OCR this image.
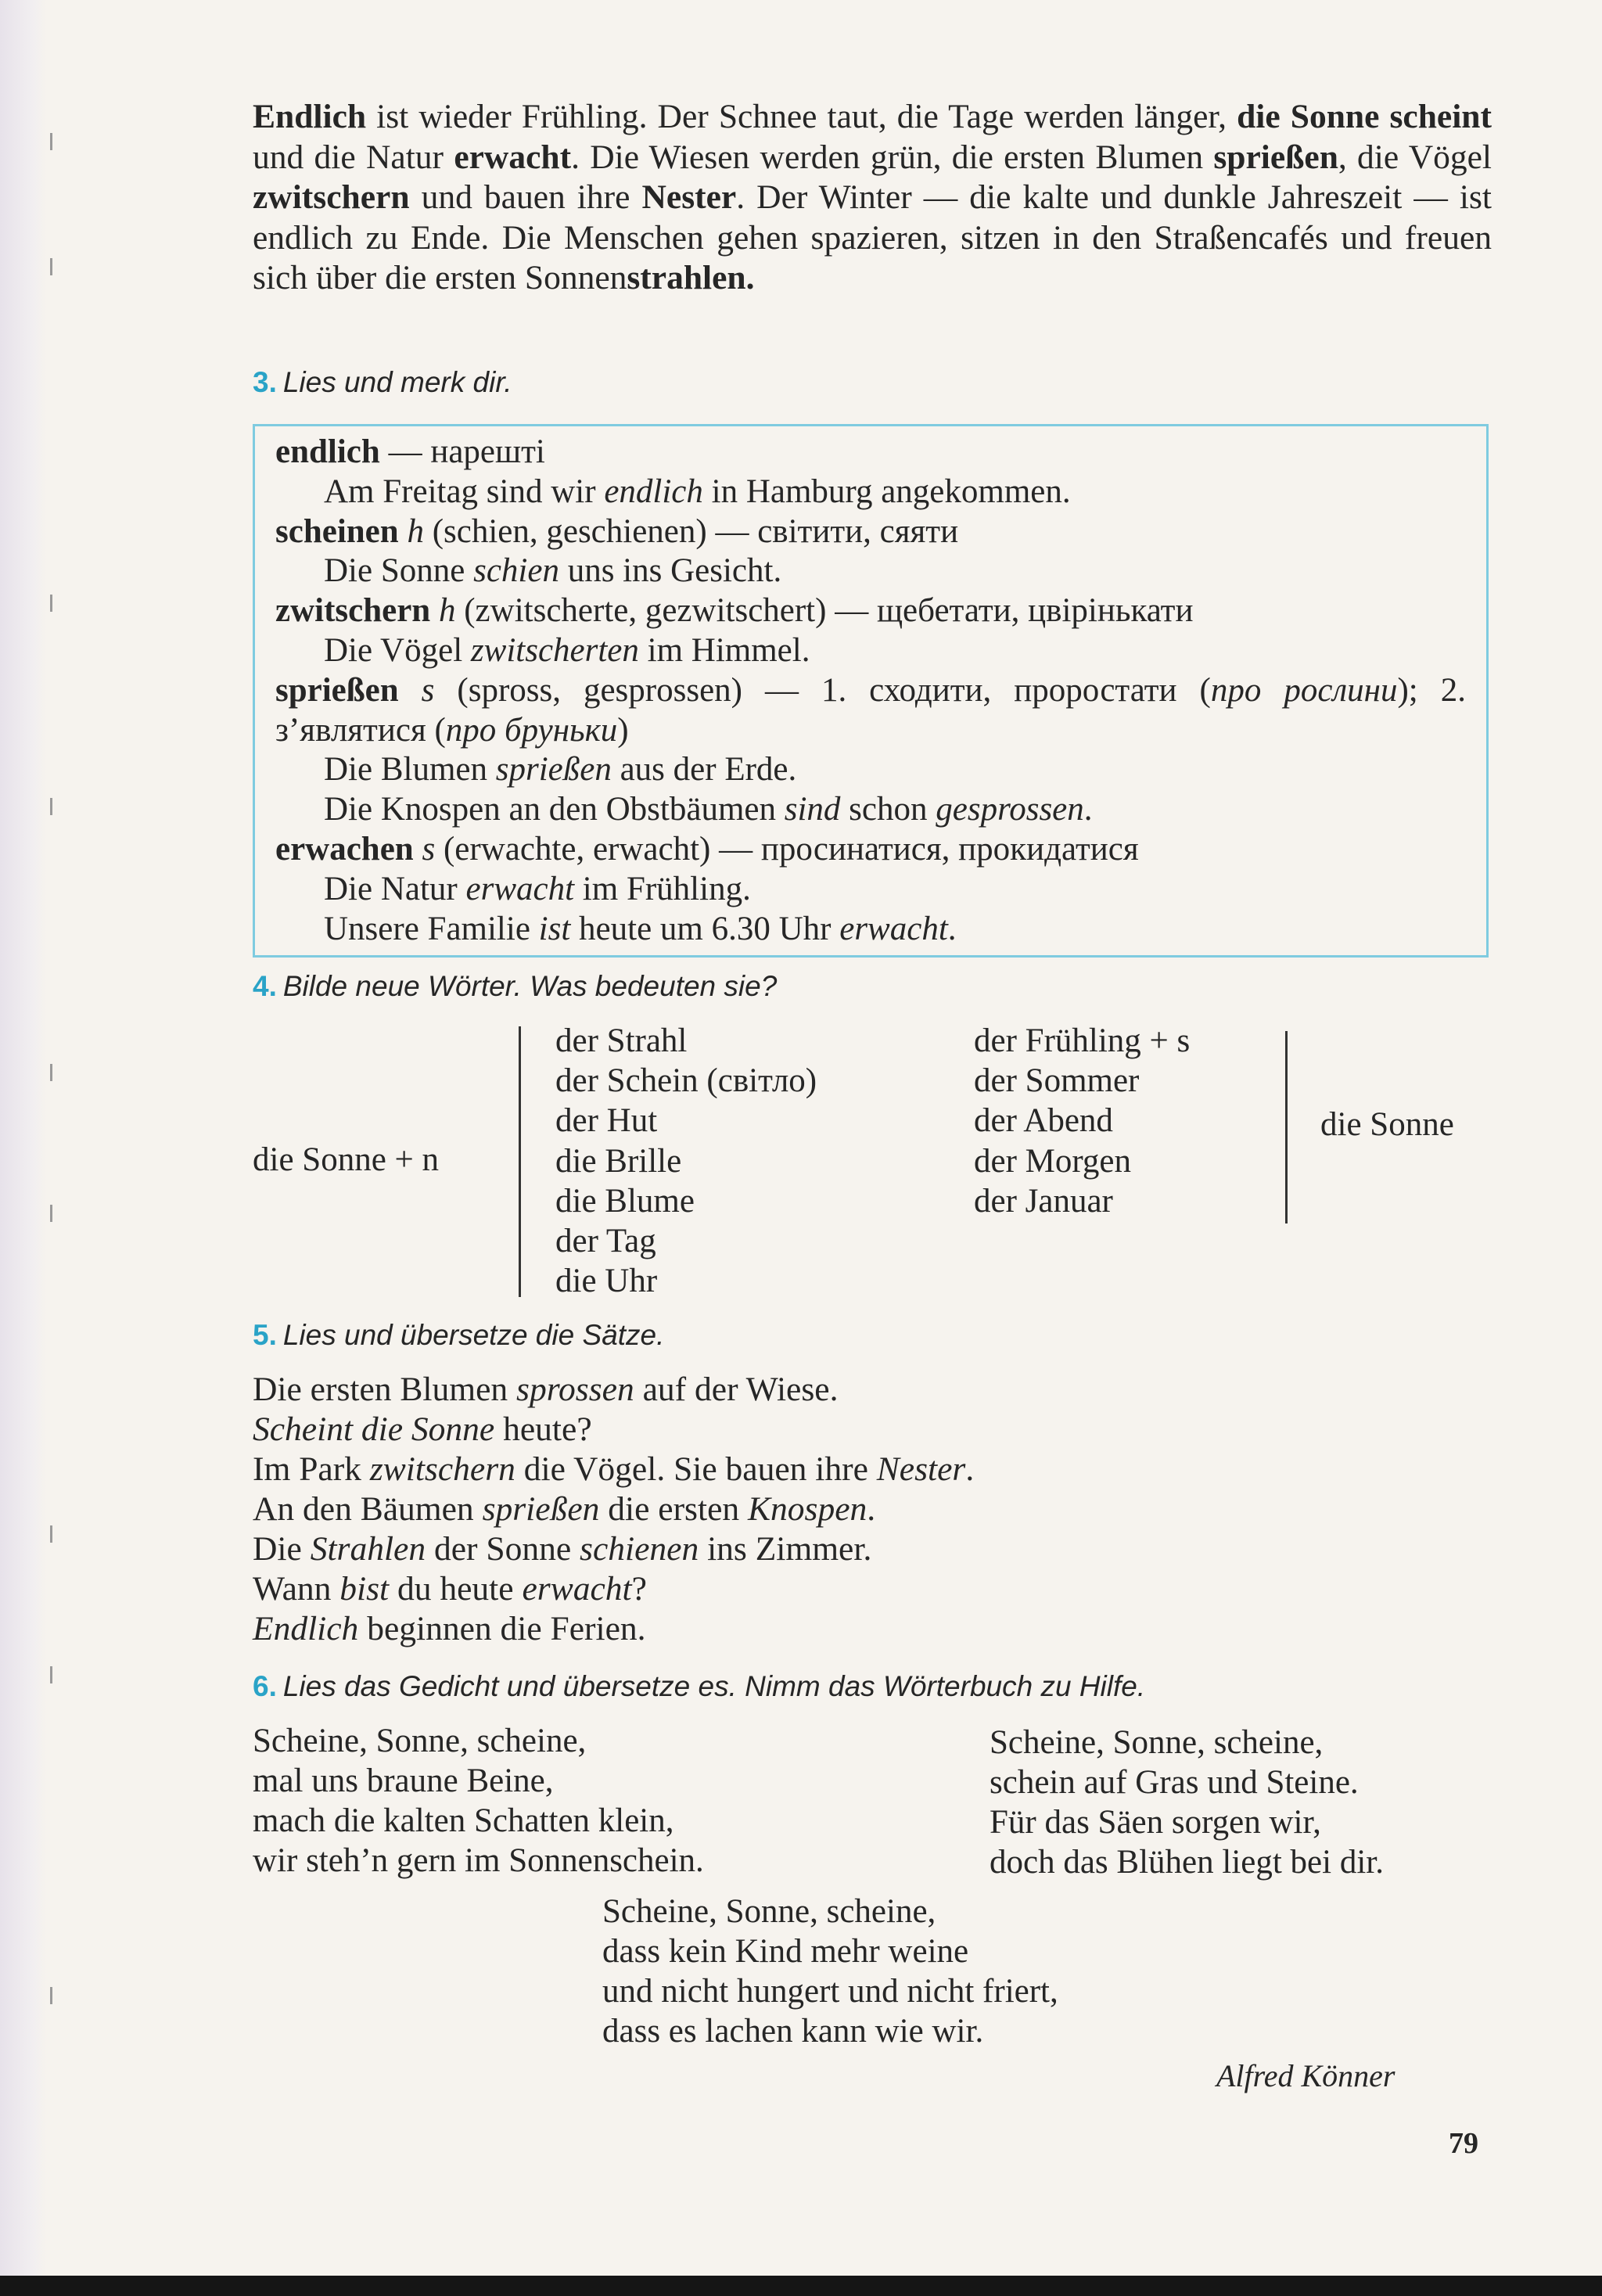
Endlich ist wieder Frühling. Der Schnee taut, die Tage werden länger, die Sonne scheint und die Natur erwacht. Die Wiesen werden grün, die ersten Blumen sprießen, die Vögel zwitschern und bauen ihre Nester. Der Winter — die kalte und dunkle Jahreszeit — ist endlich zu Ende. Die Menschen gehen spazieren, sitzen in den Straßencafés und freuen sich über die ersten Sonnenstrahlen.
3. Lies und merk dir.
endlich — нарешті
Am Freitag sind wir endlich in Hamburg angekommen.
scheinen h (schien, geschienen) — світити, сяяти
Die Sonne schien uns ins Gesicht.
zwitschern h (zwitscherte, gezwitschert) — щебетати, цвірінькати
Die Vögel zwitscherten im Himmel.
sprießen s (spross, gesprossen) — 1. сходити, проростати (про рослини); 2. з’являтися (про бруньки)
Die Blumen sprießen aus der Erde.
Die Knospen an den Obstbäumen sind schon gesprossen.
erwachen s (erwachte, erwacht) — просинатися, прокидатися
Die Natur erwacht im Frühling.
Unsere Familie ist heute um 6.30 Uhr erwacht.
4. Bilde neue Wörter. Was bedeuten sie?
die Sonne + n
der Strahl
der Schein (світло)
der Hut
die Brille
die Blume
der Tag
die Uhr
der Frühling + s
der Sommer
der Abend
der Morgen
der Januar
die Sonne
5. Lies und übersetze die Sätze.
Die ersten Blumen sprossen auf der Wiese.
Scheint die Sonne heute?
Im Park zwitschern die Vögel. Sie bauen ihre Nester.
An den Bäumen sprießen die ersten Knospen.
Die Strahlen der Sonne schienen ins Zimmer.
Wann bist du heute erwacht?
Endlich beginnen die Ferien.
6. Lies das Gedicht und übersetze es. Nimm das Wörterbuch zu Hilfe.
Scheine, Sonne, scheine,
mal uns braune Beine,
mach die kalten Schatten klein,
wir steh’n gern im Sonnenschein.
Scheine, Sonne, scheine,
schein auf Gras und Steine.
Für das Säen sorgen wir,
doch das Blühen liegt bei dir.
Scheine, Sonne, scheine,
dass kein Kind mehr weine
und nicht hungert und nicht friert,
dass es lachen kann wie wir.
Alfred Könner
79
